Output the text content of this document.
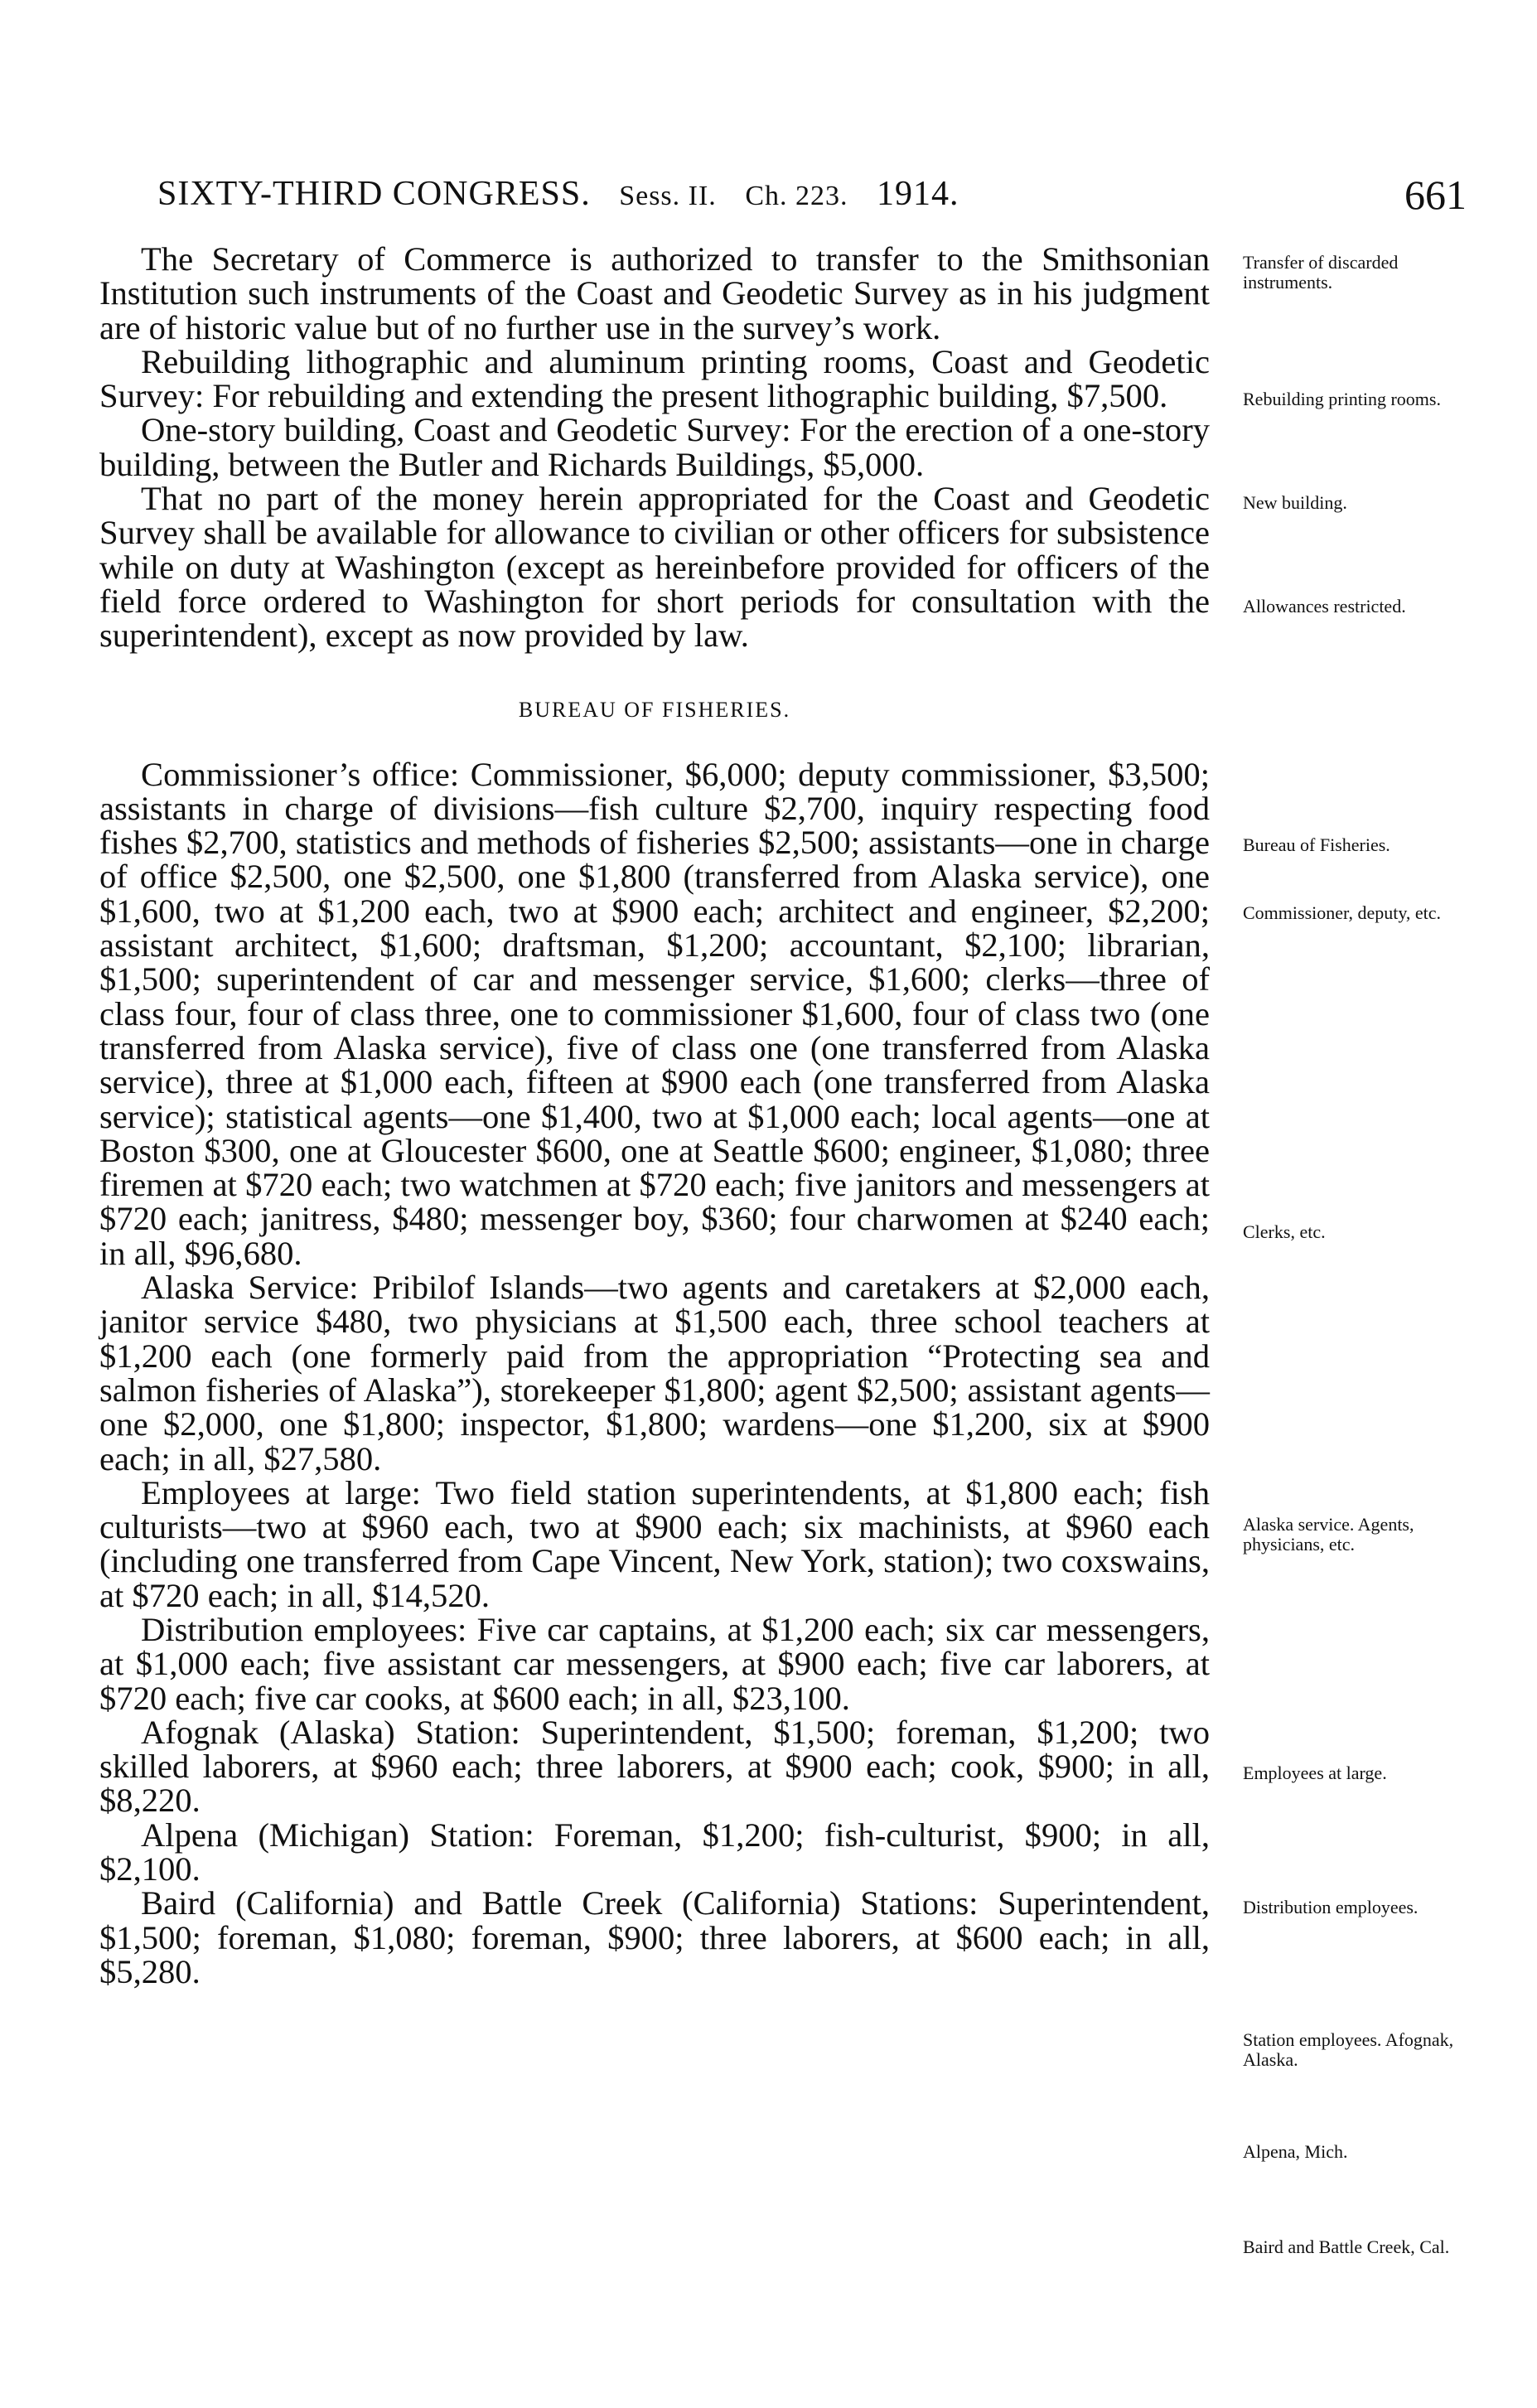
SIXTY-THIRD CONGRESS. Sess. II. Ch. 223. 1914.	661

The Secretary of Commerce is authorized to transfer to the Smithsonian Institution such instruments of the Coast and Geodetic Survey as in his judgment are of historic value but of no further use in the survey’s work.

Rebuilding lithographic and aluminum printing rooms, Coast and Geodetic Survey: For rebuilding and extending the present lithographic building, $7,500.

One-story building, Coast and Geodetic Survey: For the erection of a one-story building, between the Butler and Richards Buildings, $5,000.

That no part of the money herein appropriated for the Coast and Geodetic Survey shall be available for allowance to civilian or other officers for subsistence while on duty at Washington (except as hereinbefore provided for officers of the field force ordered to Washington for short periods for consultation with the superintendent), except as now provided by law.

BUREAU OF FISHERIES.

Commissioner’s office: Commissioner, $6,000; deputy commissioner, $3,500; assistants in charge of divisions—fish culture $2,700, inquiry respecting food fishes $2,700, statistics and methods of fisheries $2,500; assistants—one in charge of office $2,500, one $2,500, one $1,800 (transferred from Alaska service), one $1,600, two at $1,200 each, two at $900 each; architect and engineer, $2,200; assistant architect, $1,600; draftsman, $1,200; accountant, $2,100; librarian, $1,500; superintendent of car and messenger service, $1,600; clerks—three of class four, four of class three, one to commissioner $1,600, four of class two (one transferred from Alaska service), five of class one (one transferred from Alaska service), three at $1,000 each, fifteen at $900 each (one transferred from Alaska service); statistical agents—one $1,400, two at $1,000 each; local agents—one at Boston $300, one at Gloucester $600, one at Seattle $600; engineer, $1,080; three firemen at $720 each; two watchmen at $720 each; five janitors and messengers at $720 each; janitress, $480; messenger boy, $360; four charwomen at $240 each; in all, $96,680.

Alaska Service: Pribilof Islands—two agents and caretakers at $2,000 each, janitor service $480, two physicians at $1,500 each, three school teachers at $1,200 each (one formerly paid from the appropriation “Protecting sea and salmon fisheries of Alaska”), storekeeper $1,800; agent $2,500; assistant agents—one $2,000, one $1,800; inspector, $1,800; wardens—one $1,200, six at $900 each; in all, $27,580.

Employees at large: Two field station superintendents, at $1,800 each; fish culturists—two at $960 each, two at $900 each; six machinists, at $960 each (including one transferred from Cape Vincent, New York, station); two coxswains, at $720 each; in all, $14,520.

Distribution employees: Five car captains, at $1,200 each; six car messengers, at $1,000 each; five assistant car messengers, at $900 each; five car laborers, at $720 each; five car cooks, at $600 each; in all, $23,100.

Afognak (Alaska) Station: Superintendent, $1,500; foreman, $1,200; two skilled laborers, at $960 each; three laborers, at $900 each; cook, $900; in all, $8,220.

Alpena (Michigan) Station: Foreman, $1,200; fish-culturist, $900; in all, $2,100.

Baird (California) and Battle Creek (California) Stations: Superintendent, $1,500; foreman, $1,080; foreman, $900; three laborers, at $600 each; in all, $5,280.

Transfer of discarded instruments.

Rebuilding printing rooms.

New building.

Allowances restricted.

Bureau of Fisheries.

Commissioner, deputy, etc.

Clerks, etc.

Alaska service. Agents, physicians, etc.

Employees at large.

Distribution employees.

Station employees. Afognak, Alaska.

Alpena, Mich.

Baird and Battle Creek, Cal.
